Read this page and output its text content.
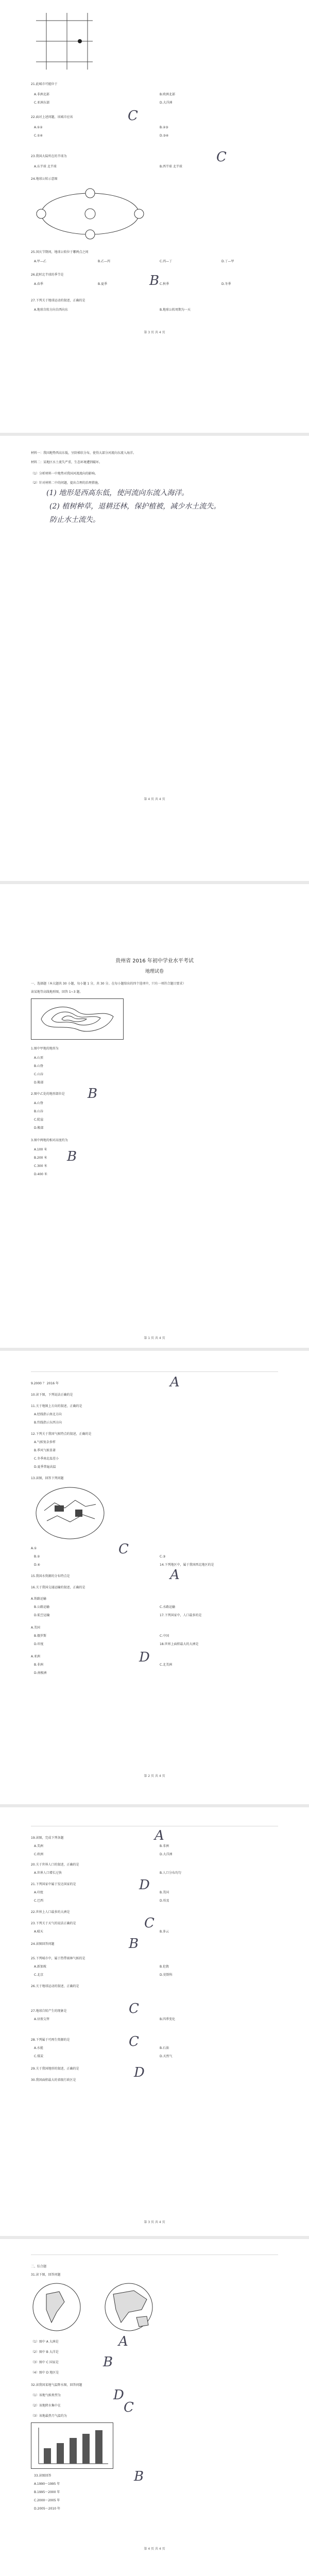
21.此城市可能位于
A.非洲北部	B.欧洲北部
C.亚洲东部	D.大洋洲
22.面对上述问题，该城市应该	C
A.①②	B.②③
C.①④	D.③④
23.我国大陆所在的半球为	C
A.东半球 北半球	B.西半球 北半球
24.地球公转示意图
25.国庆节期间，地球公转位于哪两点之间
A.甲—乙	B.乙—丙	C.丙—丁	D.丁—甲
26.此时北半球的季节是
A.春季	B.夏季	B C.秋季	D.冬季
27.下列关于地球运动的叙述，正确的是
A.地球自转方向自西向东	B.地球公转周期为一天
第 3 页 共 4 页
材料一：我国地势西高东低，呈阶梯状分布，使得大部分河流向东流入海洋。
材料二：某地区水土流失严重，生态环境遭到破坏。
（1）分析材料一中地势对我国河流流向的影响。
（2）针对材料二中的问题，提出合理的治理措施。
(1) 地形是西高东低，使河流向东流入海洋。
(2) 植树种草，退耕还林，保护植被，减少水土流失。
防止水土流失。
第 4 页 共 4 页
贵州省 2016 年初中学业水平考试
地理试卷
一、选择题（本大题共 30 小题，每小题 1 分，共 30 分。在每小题给出的四个选项中，只有一项符合题目要求）
读某地等高线地形图，回答 1~3 题。
1.图中甲地的地形为
A.山顶
B.山脊
C.山谷
D.鞍部
2.图中乙处的地形部位是 B
A.山脊
B.山谷
C.陡崖
D.鞍部
3.图中两地的相对高度约为
A.100 米
B.200 米 B
C.300 米
D.400 米
第 1 页 共 4 页
9.2000 ？ 2016 年	A
10.读下图，下列说法正确的是
11.关于地图上方向的叙述，正确的是
A.经线指示南北方向
B.纬线指示东西方向
12.下列关于我国气候特点的叙述，正确的是
A.气候复杂多样
B.季风气候显著
C.冬季南北温差小
D.夏季普遍高温
13.读图，回答下列问题
A.①	C
B.②	C.③
D.④	14.下列地区中，属于我国西北地区的是
15.我国水资源的分布特点是	A
16.关于我国交通运输的叙述，正确的是
A.铁路运输
B.公路运输	C.水路运输
D.航空运输	17.下列国家中，人口最多的是
A.美国
B.俄罗斯	C.中国
D.印度	18.世界上面积最大的大洲是
D
A.亚洲
B.非洲	C.北美洲
D.南极洲
第 2 页 共 4 页
19.读图，完成下列各题	A
A.美洲	B.非洲
C.欧洲	D.大洋洲
20.关于世界人口的叙述，正确的是
A.世界人口增长过快	B.人口分布均匀
21.下列国家中属于发达国家的是	D
A.印度	B.美国
C.巴西	D.埃及
22.世界上人口最多的大洲是
23.下列关于天气的说法正确的是	C
A.晴天	B.多云
24.读图回答问题	B
25.下列城市中，属于热带雨林气候的是
A.新加坡	B.伦敦
C.北京	D.莫斯科
26.关于地球运动的叙述，正确的是
C
27.地球自转产生的现象是
A.昼夜交替	B.四季变化
28.下列属于可再生资源的是	C
A.水能	B.石油
C.煤炭	D.天然气
29.关于我国地形的叙述，正确的是	D
30.我国面积最大的省级行政区是
第 3 页 共 4 页
二、综合题
31.读下图，回答问题
（1）图中 A 大洲是	A
（2）图中 B 大洋是
（3）图中 C 国家是	B
（4）图中 D 地区是
32.读我国某地气温降水图，回答问题
（1）该地气候类型为	D
（2）该地降水集中在	C
（3）该地最热月气温约为
33.读图回答	B
A.1990～1995 年
B.1995～2000 年
C.2000～2005 年
D.2005～2010 年
第 4 页 共 4 页
